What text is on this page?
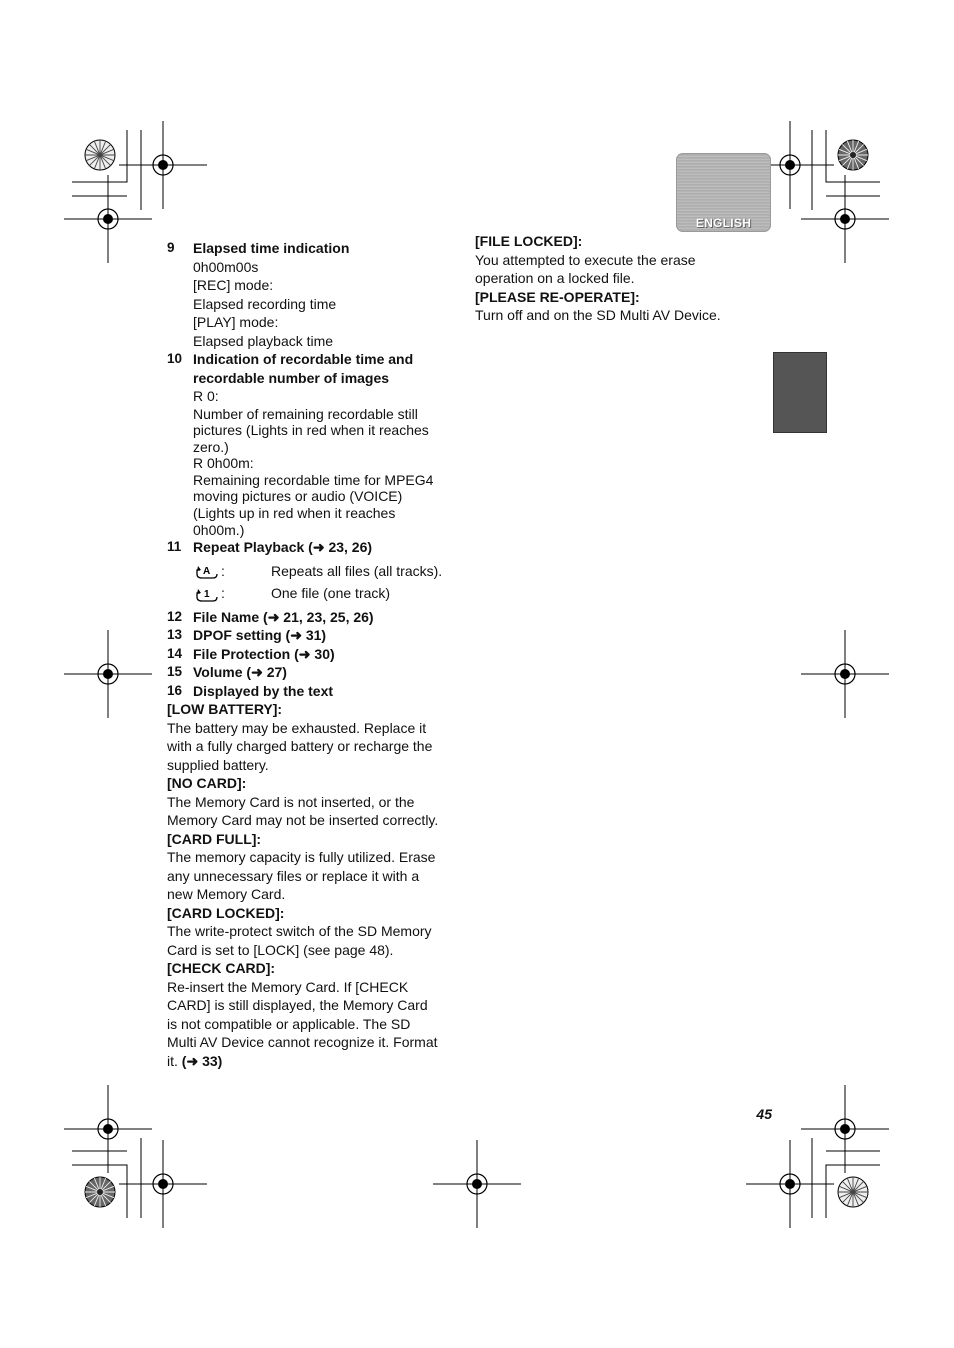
ENGLISH
9	Elapsed time indication
0h00m00s
[REC] mode:
Elapsed recording time
[PLAY] mode:
Elapsed playback time
10 Indication of recordable time and
recordable number of images
R 0:
Number of remaining recordable still
pictures (Lights in red when it reaches
zero.)
R 0h00m:
Remaining recordable time for MPEG4
moving pictures or audio (VOICE)
(Lights up in red when it reaches
0h00m.)
11 Repeat Playback (➜ 23, 26)
A :	Repeats all files (all tracks).
1 :	One file (one track)
12 File Name (➜ 21, 23, 25, 26)
13 DPOF setting (➜ 31)
14 File Protection (➜ 30)
15 Volume (➜ 27)
16 Displayed by the text
[LOW BATTERY]:
The battery may be exhausted. Replace it
with a fully charged battery or recharge the
supplied battery.
[NO CARD]:
The Memory Card is not inserted, or the
Memory Card may not be inserted correctly.
[CARD FULL]:
The memory capacity is fully utilized. Erase
any unnecessary files or replace it with a
new Memory Card.
[CARD LOCKED]:
The write-protect switch of the SD Memory
Card is set to [LOCK] (see page 48).
[CHECK CARD]:
Re-insert the Memory Card. If [CHECK
CARD] is still displayed, the Memory Card
is not compatible or applicable. The SD
Multi AV Device cannot recognize it. Format
it. (➜ 33)
[FILE LOCKED]:
You attempted to execute the erase
operation on a locked file.
[PLEASE RE-OPERATE]:
Turn off and on the SD Multi AV Device.
45
